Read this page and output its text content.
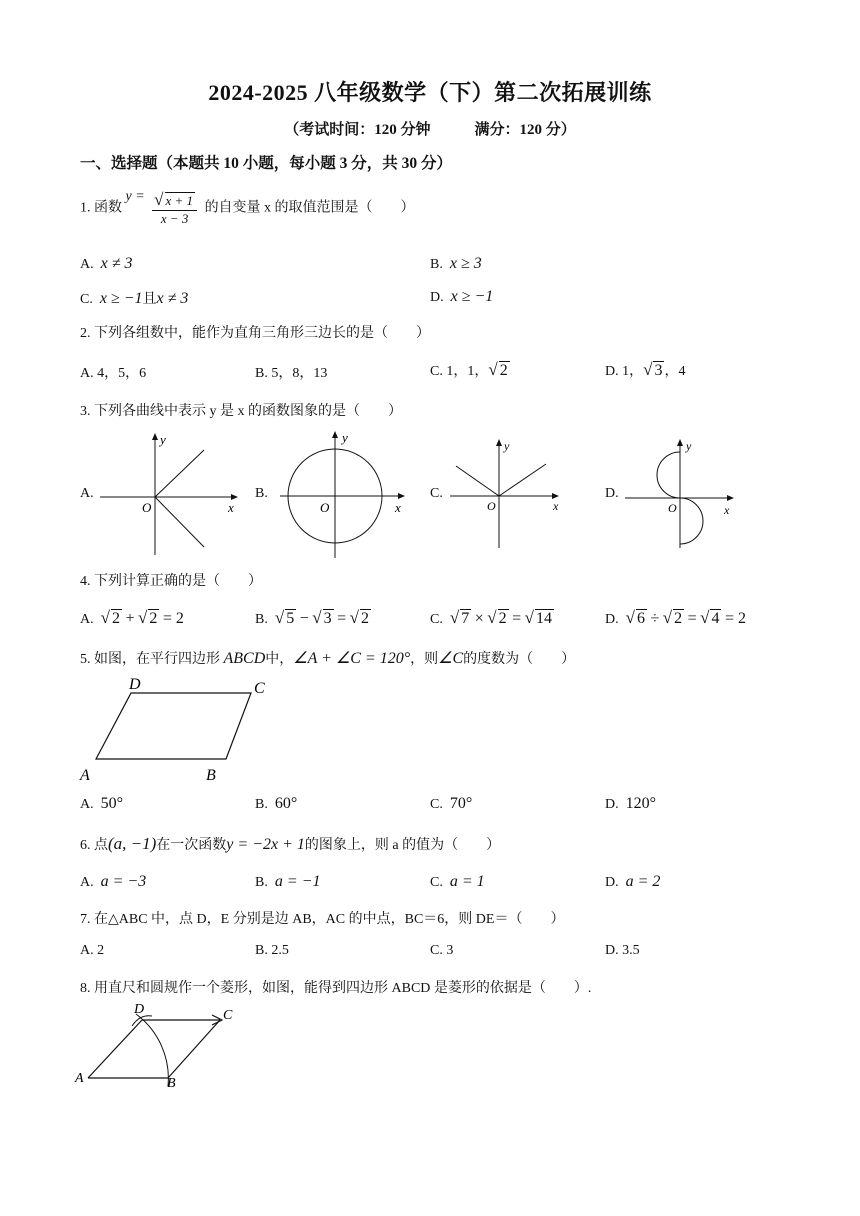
2024-2025 八年级数学（下）第二次拓展训练
（考试时间：120 分钟	满分：120 分）
一、选择题（本题共 10 小题，每小题 3 分，共 30 分）
1. 函数 $y = \frac{√ x + 1}{x - 3}$ 的自变量 x 的取值范围是（　　）
A. x ≠ 3	B. x ≥ 3
C. x ≥ −1且x ≠ 3	D. x ≥ −1
2. 下列各组数中，能作为直角三角形三边长的是（　　）
A. 4，5，6	B. 5，8，13	C. 1，1，√ 2	D. 1，√ 3 ，4
3. 下列各曲线中表示 y 是 x 的函数图象的是（　　）
A.	B.	C.	D.
y
x
O
y
x
O
y
x
O
y
x
O
4. 下列计算正确的是（　　）
A. √ 2 + √ 2 = 2	B. √ 5 − √ 3 = √ 2	C. √ 7 × √ 2 = √ 14	D. √ 6 ÷ √ 2 = √ 4 = 2
5. 如图，在平行四边形 ABCD中，∠A + ∠C = 120°，则∠C的度数为（　　）
A	B
C
D
A. 50°	B. 60°	C. 70°	D. 120°
6. 点(a, −1)在一次函数y = −2x + 1的图象上，则 a 的值为（　　）
A. a = −3	B. a = −1	C. a = 1	D. a = 2
7. 在△ABC 中，点 D，E 分别是边 AB，AC 的中点，BC＝6，则 DE＝（　　）
A. 2	B. 2.5	C. 3	D. 3.5
8. 用直尺和圆规作一个菱形，如图，能得到四边形 ABCD 是菱形的依据是（　　）.
A	B
C
D
